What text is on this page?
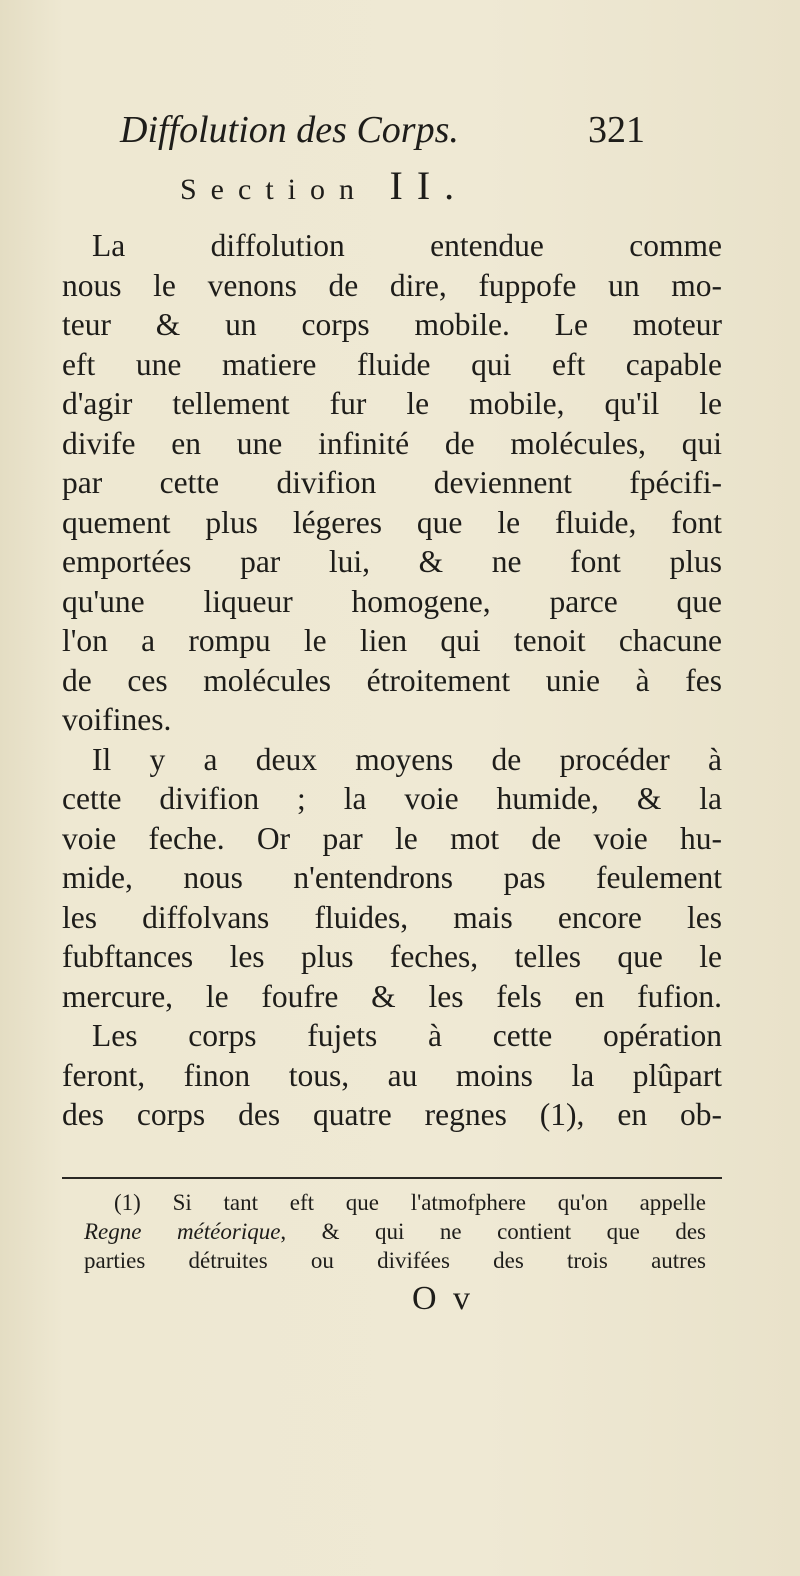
Diffolution des Corps.	321
Section II.
La diffolution entendue comme
nous le venons de dire, fuppofe un mo-
teur & un corps mobile. Le moteur
eft une matiere fluide qui eft capable
d'agir tellement fur le mobile, qu'il le
divife en une infinité de molécules, qui
par cette divifion deviennent fpécifi-
quement plus légeres que le fluide, font
emportées par lui, & ne font plus
qu'une liqueur homogene, parce que
l'on a rompu le lien qui tenoit chacune
de ces molécules étroitement unie à fes
voifines.
Il y a deux moyens de procéder à
cette divifion ; la voie humide, & la
voie feche. Or par le mot de voie hu-
mide, nous n'entendrons pas feulement
les diffolvans fluides, mais encore les
fubftances les plus feches, telles que le
mercure, le foufre & les fels en fufion.
Les corps fujets à cette opération
feront, finon tous, au moins la plûpart
des corps des quatre regnes (1), en ob-
(1) Si tant eft que l'atmofphere qu'on appelle
Regne météorique, & qui ne contient que des
parties détruites ou divifées des trois autres
O v
